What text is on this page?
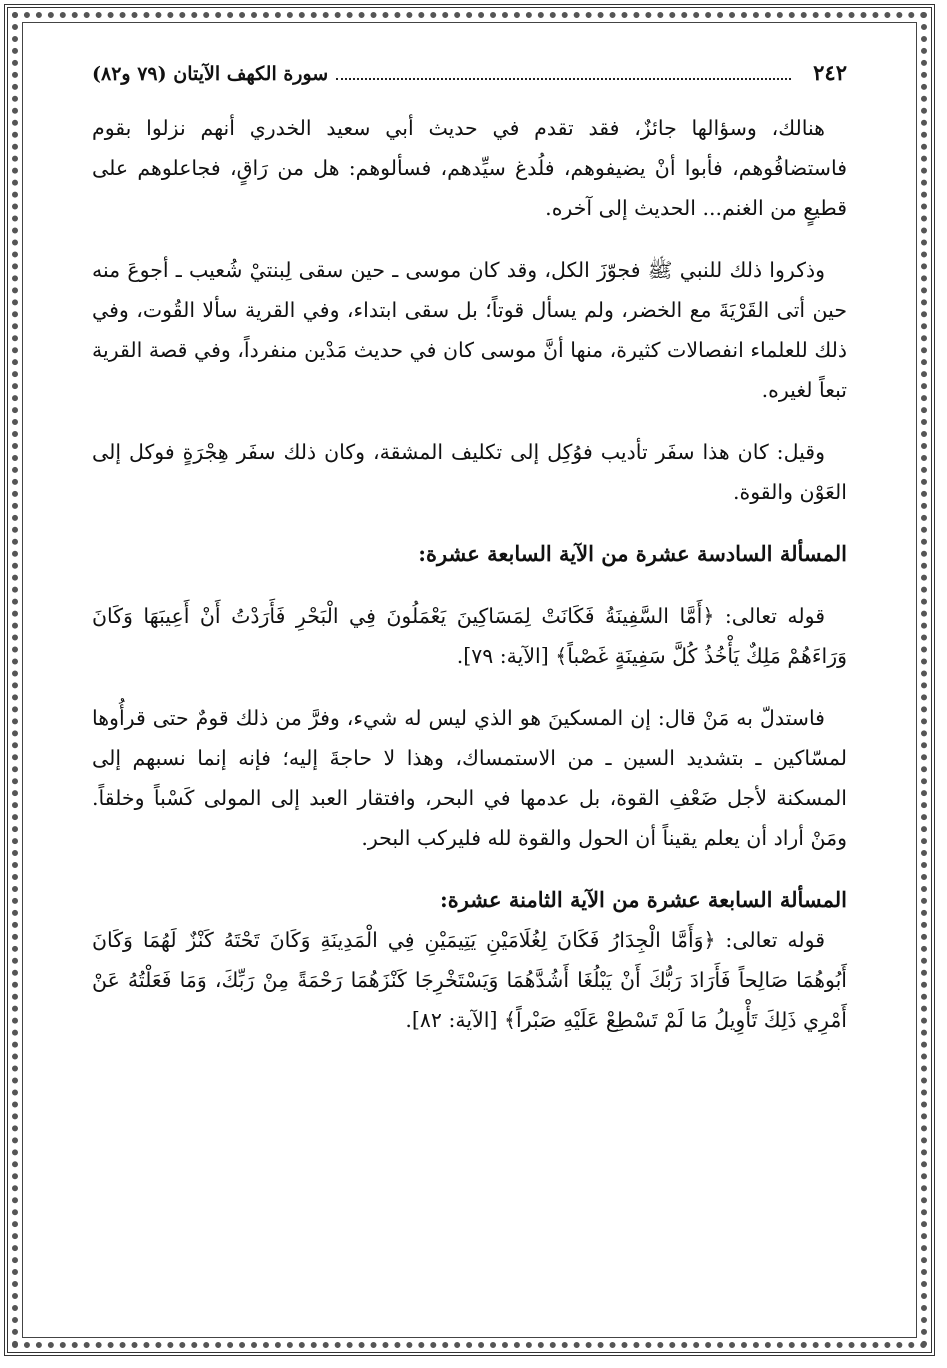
٢٤٢
سورة الكهف الآيتان (٧٩ و٨٢)

هنالك، وسؤالها جائزٌ، فقد تقدم في حديث أبي سعيد الخدري أنهم نزلوا بقوم فاستضافُوهم، فأبوا أنْ يضيفوهم، فلُدغ سيِّدهم، فسألوهم: هل من رَاقٍ، فجاعلوهم على قطيعٍ من الغنم... الحديث إلى آخره.

وذكروا ذلك للنبي ﷺ فجوّزَ الكل، وقد كان موسى ـ حين سقى لِبنتيْ شُعيب ـ أجوعَ منه حين أتى القَرْيَةَ مع الخضر، ولم يسأل قوتاً؛ بل سقى ابتداء، وفي القرية سألا القُوت، وفي ذلك للعلماء انفصالات كثيرة، منها أنَّ موسى كان في حديث مَدْين منفرداً، وفي قصة القرية تبعاً لغيره.

وقيل: كان هذا سفَر تأديب فوُكِل إلى تكليف المشقة، وكان ذلك سفَر هِجْرَةٍ فوكل إلى العَوْن والقوة.

المسألة السادسة عشرة من الآية السابعة عشرة:

قوله تعالى: ﴿أَمَّا السَّفِينَةُ فَكَانَتْ لِمَسَاكِينَ يَعْمَلُونَ فِي الْبَحْرِ فَأَرَدْتُ أَنْ أَعِيبَهَا وَكَانَ وَرَاءَهُمْ مَلِكٌ يَأْخُذُ كُلَّ سَفِينَةٍ غَصْباً﴾ [الآية: ٧٩].

فاستدلّ به مَنْ قال: إن المسكينَ هو الذي ليس له شيء، وفرَّ من ذلك قومٌ حتى قرأُوها لمسّاكين ـ بتشديد السين ـ من الاستمساك، وهذا لا حاجةَ إليه؛ فإنه إنما نسبهم إلى المسكنة لأجل ضَعْفِ القوة، بل عدمها في البحر، وافتقار العبد إلى المولى كَسْباً وخلقاً. ومَنْ أراد أن يعلم يقيناً أن الحول والقوة لله فليركب البحر.

المسألة السابعة عشرة من الآية الثامنة عشرة:

قوله تعالى: ﴿وَأَمَّا الْجِدَارُ فَكَانَ لِغُلَامَيْنِ يَتِيمَيْنِ فِي الْمَدِينَةِ وَكَانَ تَحْتَهُ كَنْزٌ لَهُمَا وَكَانَ أَبُوهُمَا صَالِحاً فَأَرَادَ رَبُّكَ أَنْ يَبْلُغَا أَشُدَّهُمَا وَيَسْتَخْرِجَا كَنْزَهُمَا رَحْمَةً مِنْ رَبِّكَ، وَمَا فَعَلْتُهُ عَنْ أَمْرِي ذَلِكَ تَأْوِيلُ مَا لَمْ تَسْطِعْ عَلَيْهِ صَبْراً﴾ [الآية: ٨٢].
